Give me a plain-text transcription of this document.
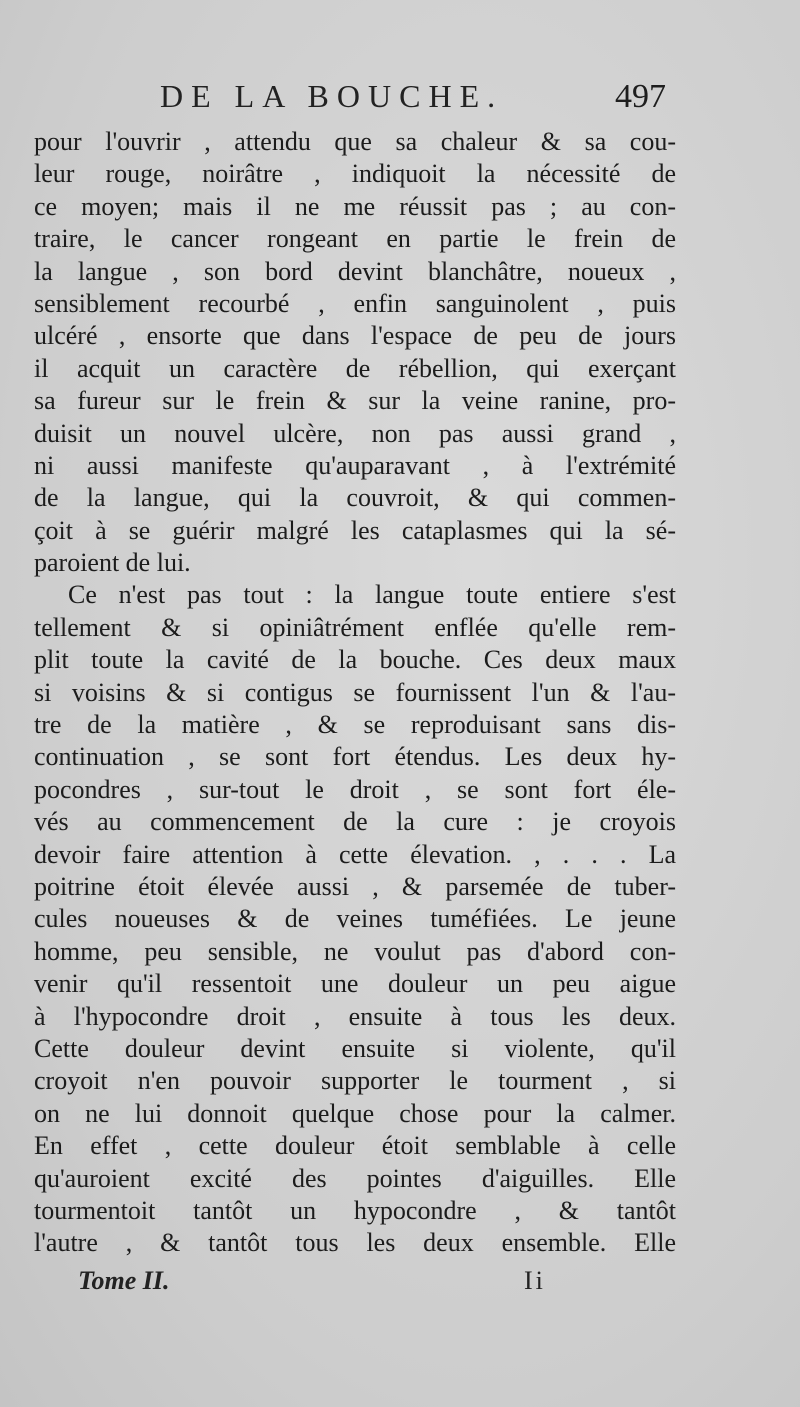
DE LA BOUCHE.	497
pour l'ouvrir , attendu que sa chaleur & sa cou-
leur rouge, noirâtre , indiquoit la nécessité de
ce moyen; mais il ne me réussit pas ; au con-
traire, le cancer rongeant en partie le frein de
la langue , son bord devint blanchâtre, noueux ,
sensiblement recourbé , enfin sanguinolent , puis
ulcéré , ensorte que dans l'espace de peu de jours
il acquit un caractère de rébellion, qui exerçant
sa fureur sur le frein & sur la veine ranine, pro-
duisit un nouvel ulcère, non pas aussi grand ,
ni aussi manifeste qu'auparavant , à l'extrémité
de la langue, qui la couvroit, & qui commen-
çoit à se guérir malgré les cataplasmes qui la sé-
paroient de lui.
Ce n'est pas tout : la langue toute entiere s'est
tellement & si opiniâtrément enflée qu'elle rem-
plit toute la cavité de la bouche. Ces deux maux
si voisins & si contigus se fournissent l'un & l'au-
tre de la matière , & se reproduisant sans dis-
continuation , se sont fort étendus. Les deux hy-
pocondres , sur-tout le droit , se sont fort éle-
vés au commencement de la cure : je croyois
devoir faire attention à cette élevation. , . . . La
poitrine étoit élevée aussi , & parsemée de tuber-
cules noueuses & de veines tuméfiées. Le jeune
homme, peu sensible, ne voulut pas d'abord con-
venir qu'il ressentoit une douleur un peu aigue
à l'hypocondre droit , ensuite à tous les deux.
Cette douleur devint ensuite si violente, qu'il
croyoit n'en pouvoir supporter le tourment , si
on ne lui donnoit quelque chose pour la calmer.
En effet , cette douleur étoit semblable à celle
qu'auroient excité des pointes d'aiguilles. Elle
tourmentoit tantôt un hypocondre , & tantôt
l'autre , & tantôt tous les deux ensemble. Elle
Tome II.	Ii
